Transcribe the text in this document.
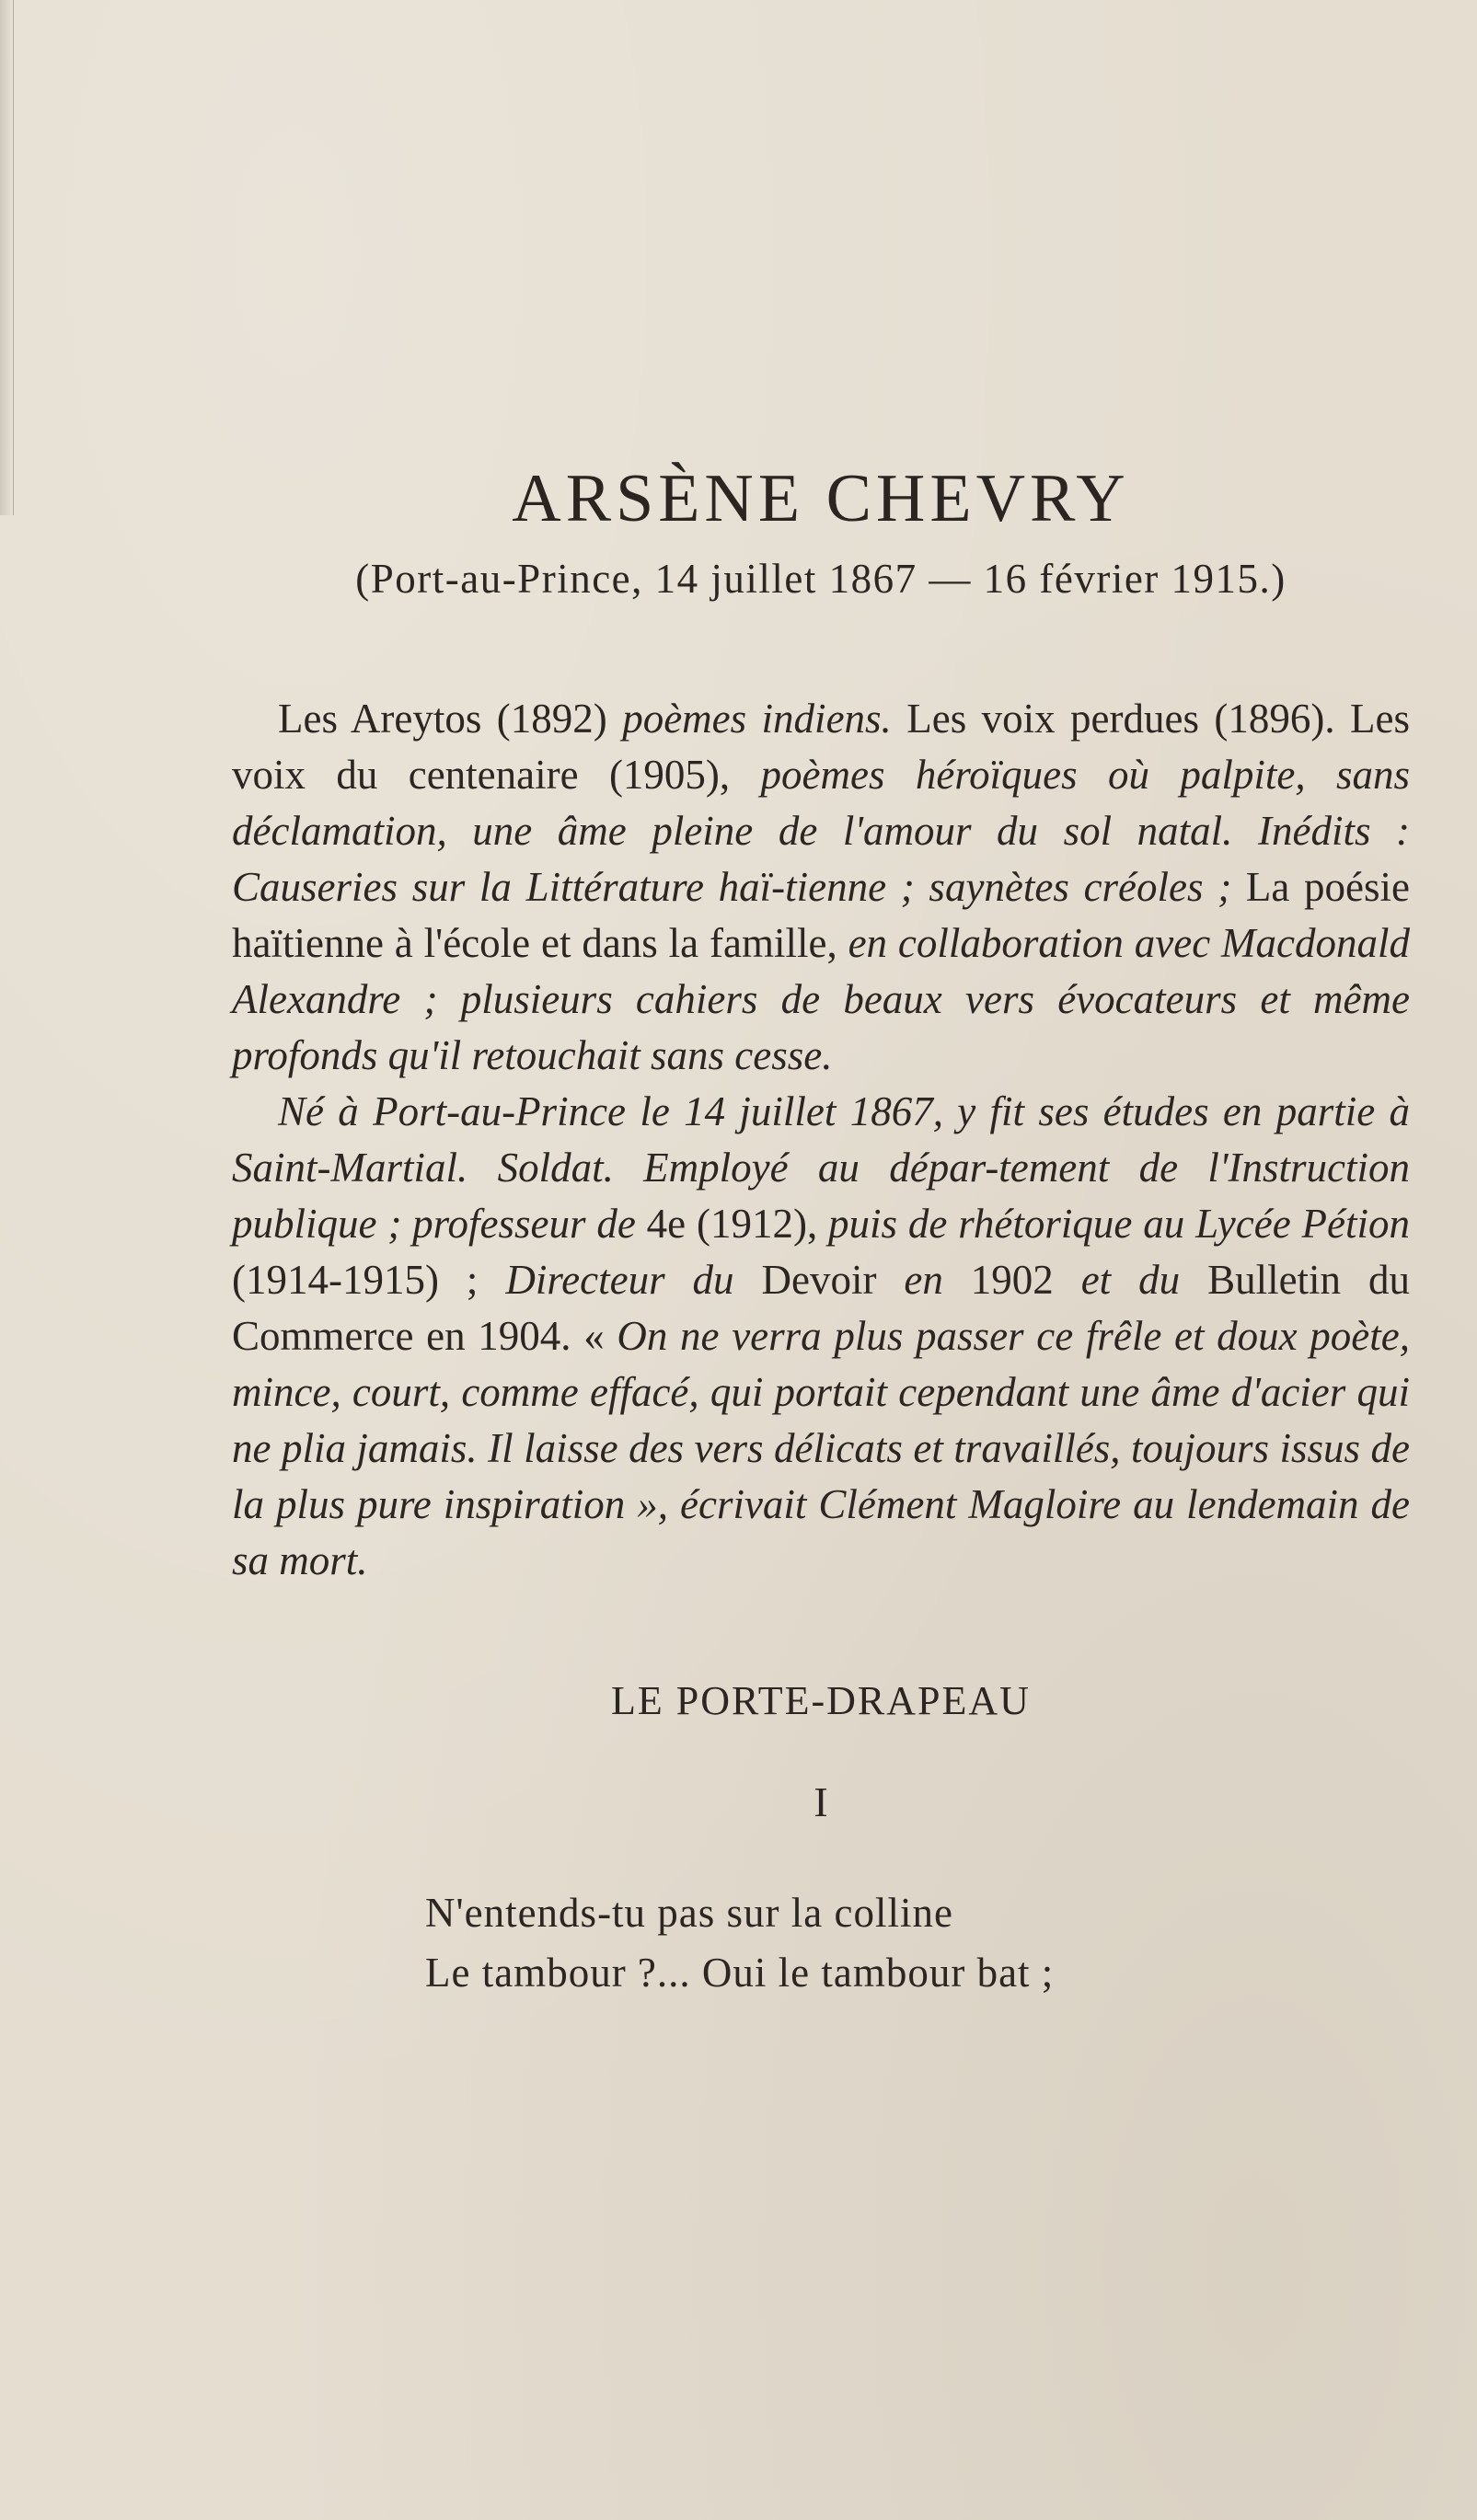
ARSÈNE CHEVRY
(Port-au-Prince, 14 juillet 1867 — 16 février 1915.)

Les Areytos (1892) poèmes indiens. Les voix perdues (1896). Les voix du centenaire (1905), poèmes héroïques où palpite, sans déclamation, une âme pleine de l'amour du sol natal. Inédits : Causeries sur la Littérature haï-tienne ; saynètes créoles ; La poésie haïtienne à l'école et dans la famille, en collaboration avec Macdonald Alexandre ; plusieurs cahiers de beaux vers évocateurs et même profonds qu'il retouchait sans cesse.

Né à Port-au-Prince le 14 juillet 1867, y fit ses études en partie à Saint-Martial. Soldat. Employé au dépar-tement de l'Instruction publique ; professeur de 4e (1912), puis de rhétorique au Lycée Pétion (1914-1915) ; Directeur du Devoir en 1902 et du Bulletin du Commerce en 1904. « On ne verra plus passer ce frêle et doux poète, mince, court, comme effacé, qui portait cependant une âme d'acier qui ne plia jamais. Il laisse des vers délicats et travaillés, toujours issus de la plus pure inspiration », écrivait Clément Magloire au lendemain de sa mort.

LE PORTE-DRAPEAU
I
N'entends-tu pas sur la colline
Le tambour ?... Oui le tambour bat ;
